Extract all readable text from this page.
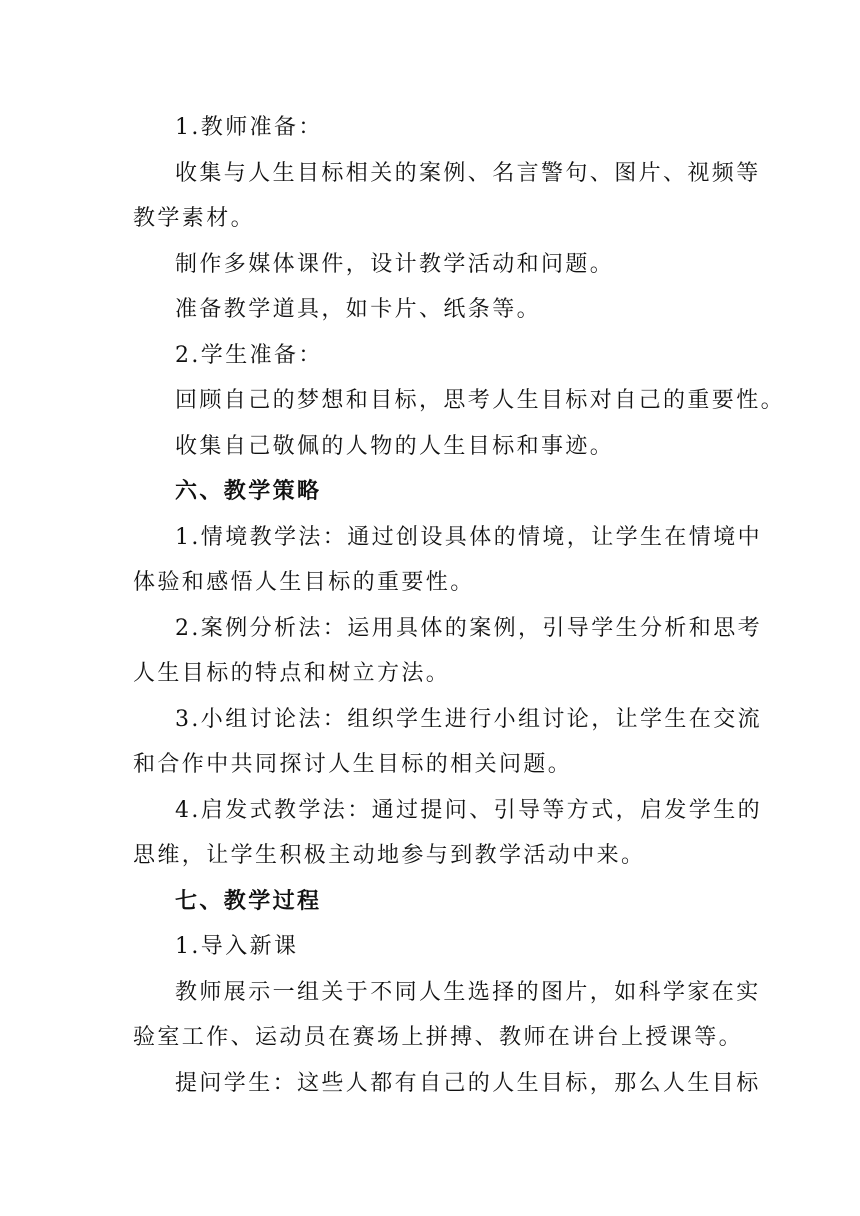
1.教师准备：

收集与人生目标相关的案例、名言警句、图片、视频等
教学素材。

制作多媒体课件，设计教学活动和问题。

准备教学道具，如卡片、纸条等。

2.学生准备：

回顾自己的梦想和目标，思考人生目标对自己的重要性。

收集自己敬佩的人物的人生目标和事迹。

六、教学策略

1.情境教学法：通过创设具体的情境，让学生在情境中
体验和感悟人生目标的重要性。

2.案例分析法：运用具体的案例，引导学生分析和思考
人生目标的特点和树立方法。

3.小组讨论法：组织学生进行小组讨论，让学生在交流
和合作中共同探讨人生目标的相关问题。

4.启发式教学法：通过提问、引导等方式，启发学生的
思维，让学生积极主动地参与到教学活动中来。

七、教学过程

1.导入新课

教师展示一组关于不同人生选择的图片，如科学家在实
验室工作、运动员在赛场上拼搏、教师在讲台上授课等。

提问学生：这些人都有自己的人生目标，那么人生目标
